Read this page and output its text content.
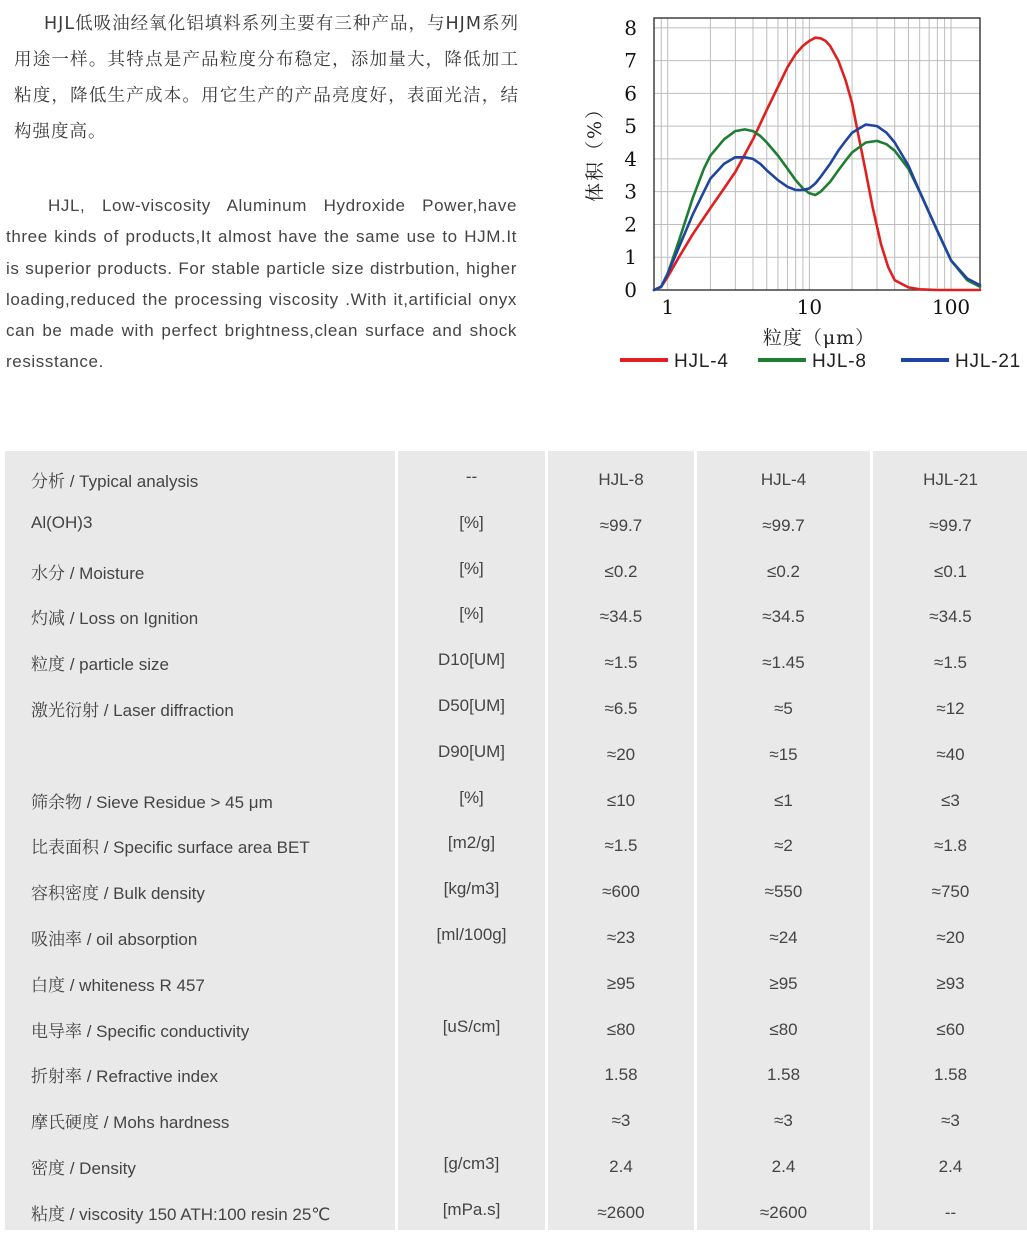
HJL低吸油经氧化铝填料系列主要有三种产品，与HJM系列用途一样。其特点是产品粒度分布稳定，添加量大，降低加工粘度，降低生产成本。用它生产的产品亮度好，表面光洁，结构强度高。

HJL, Low-viscosity Aluminum Hydroxide Power,have three kinds of products,It almost have the same use to HJM.It is superior products. For stable particle size distrbution, higher loading,reduced the processing viscosity .With it,artificial onyx can be made with perfect brightness,clean surface and shock resisstance.

0
1
2
3
4
5
6
7
8
1	10	100
粒度（μm）
体积（%）
HJL-4	HJL-8	HJL-21
分析 / Typical analysis	--	HJL-8	HJL-4	HJL-21
Al(OH)3	[%]	≈99.7	≈99.7	≈99.7
水分 / Moisture	[%]	≤0.2	≤0.2	≤0.1
灼减 / Loss on Ignition	[%]	≈34.5	≈34.5	≈34.5
粒度 / particle size	D10[UM]	≈1.5	≈1.45	≈1.5
激光衍射 / Laser diffraction	D50[UM]	≈6.5	≈5	≈12
	D90[UM]	≈20	≈15	≈40
筛余物 / Sieve Residue > 45 μm	[%]	≤10	≤1	≤3
比表面积 / Specific surface area BET	[m2/g]	≈1.5	≈2	≈1.8
容积密度 / Bulk density	[kg/m3]	≈600	≈550	≈750
吸油率 / oil absorption	[ml/100g]	≈23	≈24	≈20
白度 / whiteness R 457		≥95	≥95	≥93
电导率 / Specific conductivity	[uS/cm]	≤80	≤80	≤60
折射率 / Refractive index		1.58	1.58	1.58
摩氏硬度 / Mohs hardness		≈3	≈3	≈3
密度 / Density	[g/cm3]	2.4	2.4	2.4
粘度 / viscosity 150 ATH:100 resin 25℃	[mPa.s]	≈2600	≈2600	--
